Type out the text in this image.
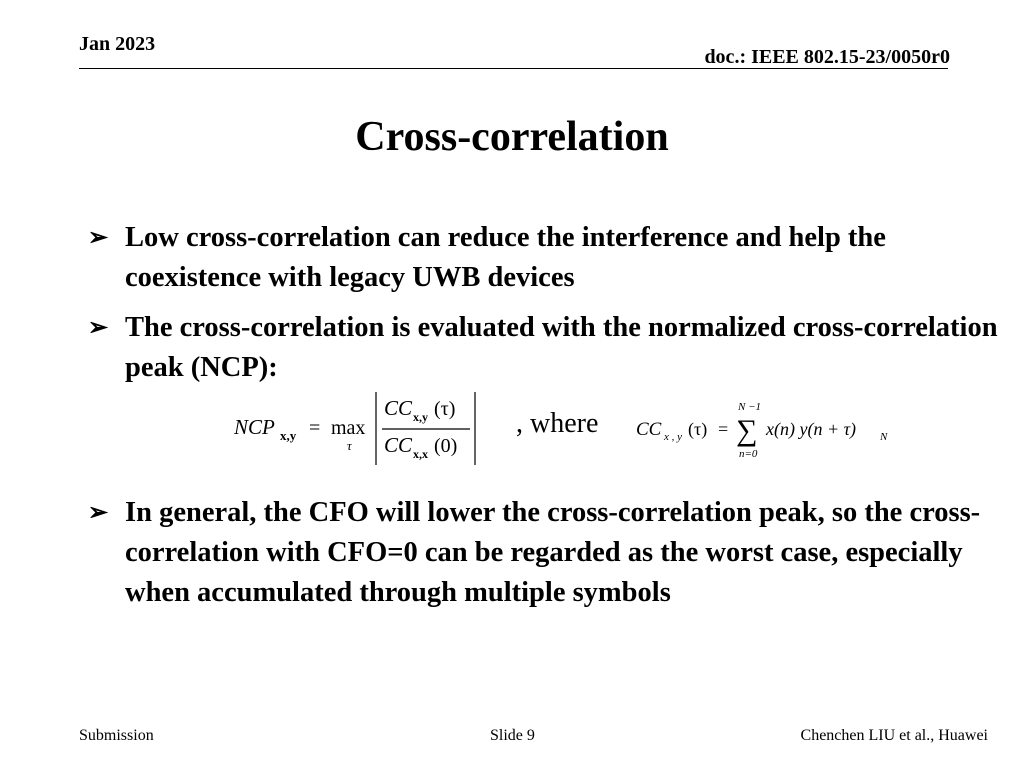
Jan 2023
doc.: IEEE 802.15-23/0050r0
Cross-correlation
➢ Low cross-correlation can reduce the interference and help the coexistence with legacy UWB devices
➢ The cross-correlation is evaluated with the normalized cross-correlation peak (NCP):
➢ In general, the CFO will lower the cross-correlation peak, so the cross-correlation with CFO=0 can be regarded as the worst case, especially when accumulated through multiple symbols
NCP x,y = max
τ
CC x,y (τ)
CC x,x (0)
, where CC x , y (τ) =
N −1
∑
n=0
x(n) y(n + τ) N
Submission	Slide 9	Chenchen LIU et al., Huawei
